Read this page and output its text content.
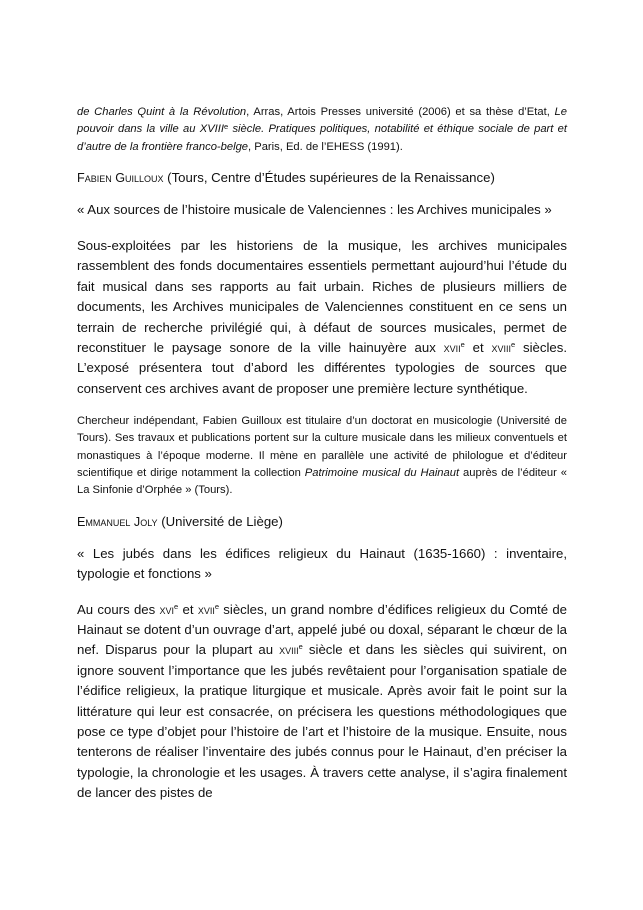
de Charles Quint à la Révolution, Arras, Artois Presses université (2006) et sa thèse d’Etat, Le pouvoir dans la ville au XVIIIe siècle. Pratiques politiques, notabilité et éthique sociale de part et d’autre de la frontière franco-belge, Paris, Ed. de l’EHESS (1991).

Fabien Guilloux (Tours, Centre d’Études supérieures de la Renaissance)

« Aux sources de l’histoire musicale de Valenciennes : les Archives municipales »

Sous-exploitées par les historiens de la musique, les archives municipales rassemblent des fonds documentaires essentiels permettant aujourd’hui l’étude du fait musical dans ses rapports au fait urbain. Riches de plusieurs milliers de documents, les Archives municipales de Valenciennes constituent en ce sens un terrain de recherche privilégié qui, à défaut de sources musicales, permet de reconstituer le paysage sonore de la ville hainuyère aux xvii$^e$ et xviii$^e$ siècles. L’exposé présentera tout d’abord les différentes typologies de sources que conservent ces archives avant de proposer une première lecture synthétique.

Chercheur indépendant, Fabien Guilloux est titulaire d’un doctorat en musicologie (Université de Tours). Ses travaux et publications portent sur la culture musicale dans les milieux conventuels et monastiques à l’époque moderne. Il mène en parallèle une activité de philologue et d’éditeur scientifique et dirige notamment la collection Patrimoine musical du Hainaut auprès de l’éditeur « La Sinfonie d’Orphée » (Tours).

Emmanuel Joly (Université de Liège)

« Les jubés dans les édifices religieux du Hainaut (1635-1660) : inventaire, typologie et fonctions »

Au cours des xvi$^e$ et xvii$^e$ siècles, un grand nombre d’édifices religieux du Comté de Hainaut se dotent d’un ouvrage d’art, appelé jubé ou doxal, séparant le chœur de la nef. Disparus pour la plupart au xviii$^e$ siècle et dans les siècles qui suivirent, on ignore souvent l’importance que les jubés revêtaient pour l’organisation spatiale de l’édifice religieux, la pratique liturgique et musicale. Après avoir fait le point sur la littérature qui leur est consacrée, on précisera les questions méthodologiques que pose ce type d’objet pour l’histoire de l’art et l’histoire de la musique. Ensuite, nous tenterons de réaliser l’inventaire des jubés connus pour le Hainaut, d’en préciser la typologie, la chronologie et les usages. À travers cette analyse, il s’agira finalement de lancer des pistes de
